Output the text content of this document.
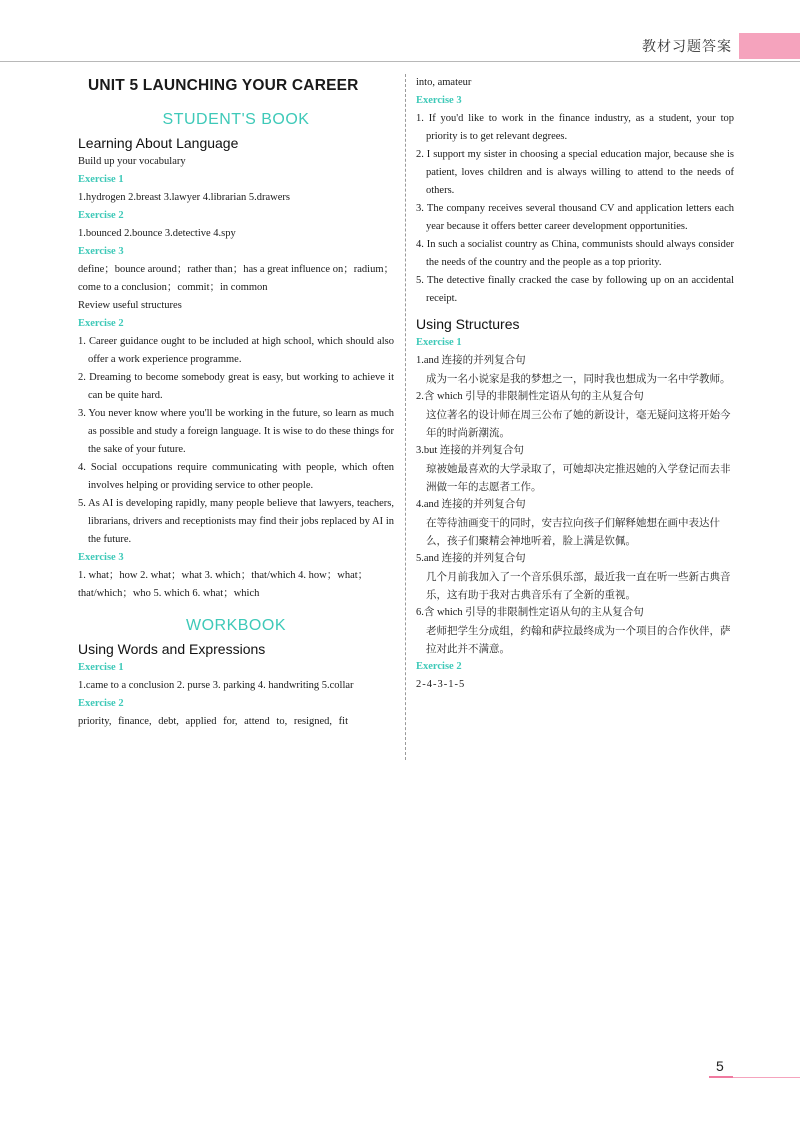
教材习题答案
UNIT 5 LAUNCHING YOUR CAREER
STUDENT'S BOOK
Learning About Language
Build up your vocabulary
Exercise 1
1.hydrogen 2.breast 3.lawyer 4.librarian 5.drawers
Exercise 2
1.bounced 2.bounce 3.detective 4.spy
Exercise 3
define；bounce around；rather than；has a great influence on；radium；come to a conclusion；commit；in common
Review useful structures
Exercise 2
1. Career guidance ought to be included at high school, which should also offer a work experience programme.
2. Dreaming to become somebody great is easy, but working to achieve it can be quite hard.
3. You never know where you'll be working in the future, so learn as much as possible and study a foreign language. It is wise to do these things for the sake of your future.
4. Social occupations require communicating with people, which often involves helping or providing service to other people.
5. As AI is developing rapidly, many people believe that lawyers, teachers, librarians, drivers and receptionists may find their jobs replaced by AI in the future.
Exercise 3
1. what；how 2. what；what 3. which；that/which 4. how；what；that/which；who 5. which 6. what；which
WORKBOOK
Using Words and Expressions
Exercise 1
1.came to a conclusion 2. purse 3. parking 4. handwriting 5.collar
Exercise 2
priority, finance, debt, applied for, attend to, resigned, fit
into, amateur
Exercise 3
1. If you'd like to work in the finance industry, as a student, your top priority is to get relevant degrees.
2. I support my sister in choosing a special education major, because she is patient, loves children and is always willing to attend to the needs of others.
3. The company receives several thousand CV and application letters each year because it offers better career development opportunities.
4. In such a socialist country as China, communists should always consider the needs of the country and the people as a top priority.
5. The detective finally cracked the case by following up on an accidental receipt.
Using Structures
Exercise 1
1.and 连接的并列复合句
成为一名小说家是我的梦想之一，同时我也想成为一名中学教师。
2.含 which 引导的非限制性定语从句的主从复合句
这位著名的设计师在周三公布了她的新设计，毫无疑问这将开始今年的时尚新潮流。
3.but 连接的并列复合句
琼被她最喜欢的大学录取了，可她却决定推迟她的入学登记而去非洲做一年的志愿者工作。
4.and 连接的并列复合句
在等待油画变干的同时，安吉拉向孩子们解释她想在画中表达什么，孩子们聚精会神地听着，脸上满是钦佩。
5.and 连接的并列复合句
几个月前我加入了一个音乐俱乐部，最近我一直在听一些新古典音乐，这有助于我对古典音乐有了全新的重视。
6.含 which 引导的非限制性定语从句的主从复合句
老师把学生分成组，约翰和萨拉最终成为一个项目的合作伙伴，萨拉对此并不满意。
Exercise 2
2-4-3-1-5
5
